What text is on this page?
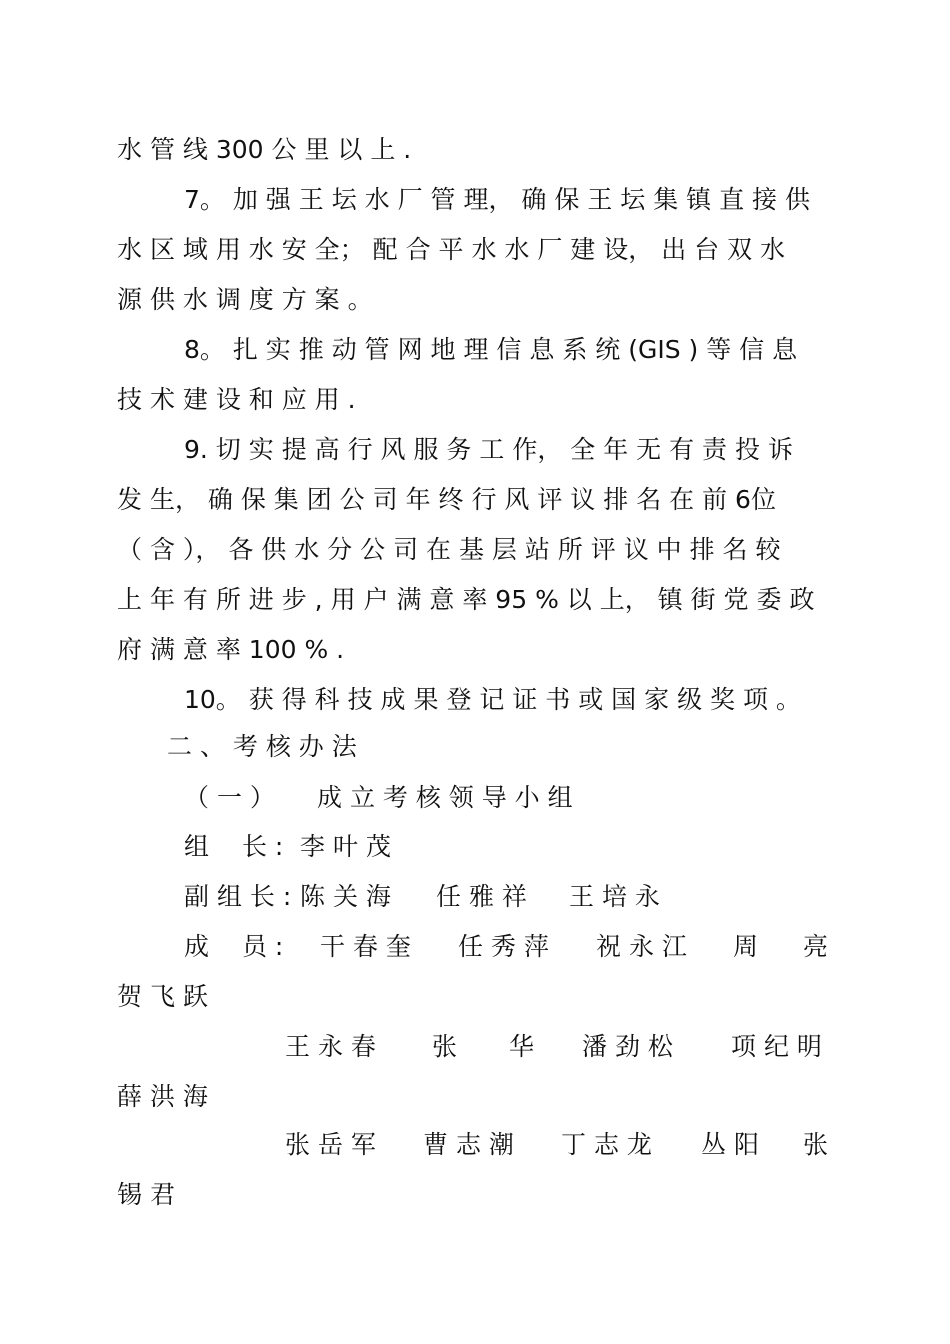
水 管 线 300 公 里 以 上 .
7。 加 强 王 坛 水 厂 管 理， 确 保 王 坛 集 镇 直 接 供
水 区 域 用 水 安 全； 配 合 平 水 水 厂 建 设， 出 台 双 水
源 供 水 调 度 方 案 。
8。 扎 实 推 动 管 网 地 理 信 息 系 统 (GIS ) 等 信 息
技 术 建 设 和 应 用 .
9. 切 实 提 高 行 风 服 务 工 作， 全 年 无 有 责 投 诉
发 生， 确 保 集 团 公 司 年 终 行 风 评 议 排 名 在 前 6位
（ 含 ）， 各 供 水 分 公 司 在 基 层 站 所 评 议 中 排 名 较
上 年 有 所 进 步 , 用 户 满 意 率 95 % 以 上， 镇 街 党 委 政
府 满 意 率 100 % .
10。 获 得 科 技 成 果 登 记 证 书 或 国 家 级 奖 项 。
二 、 考 核 办 法
（ 一 ） 成 立 考 核 领 导 小 组
组 　长 : 李 叶 茂
副 组 长 : 陈 关 海 任 雅 祥 王 培 永
成 　员 : 干 春 奎 任 秀 萍 祝 永 江 周 亮
贺 飞 跃
王 永 春 张 华 潘 劲 松 项 纪 明
薛 洪 海
张 岳 军 曹 志 潮 丁 志 龙 丛 阳 张
锡 君
